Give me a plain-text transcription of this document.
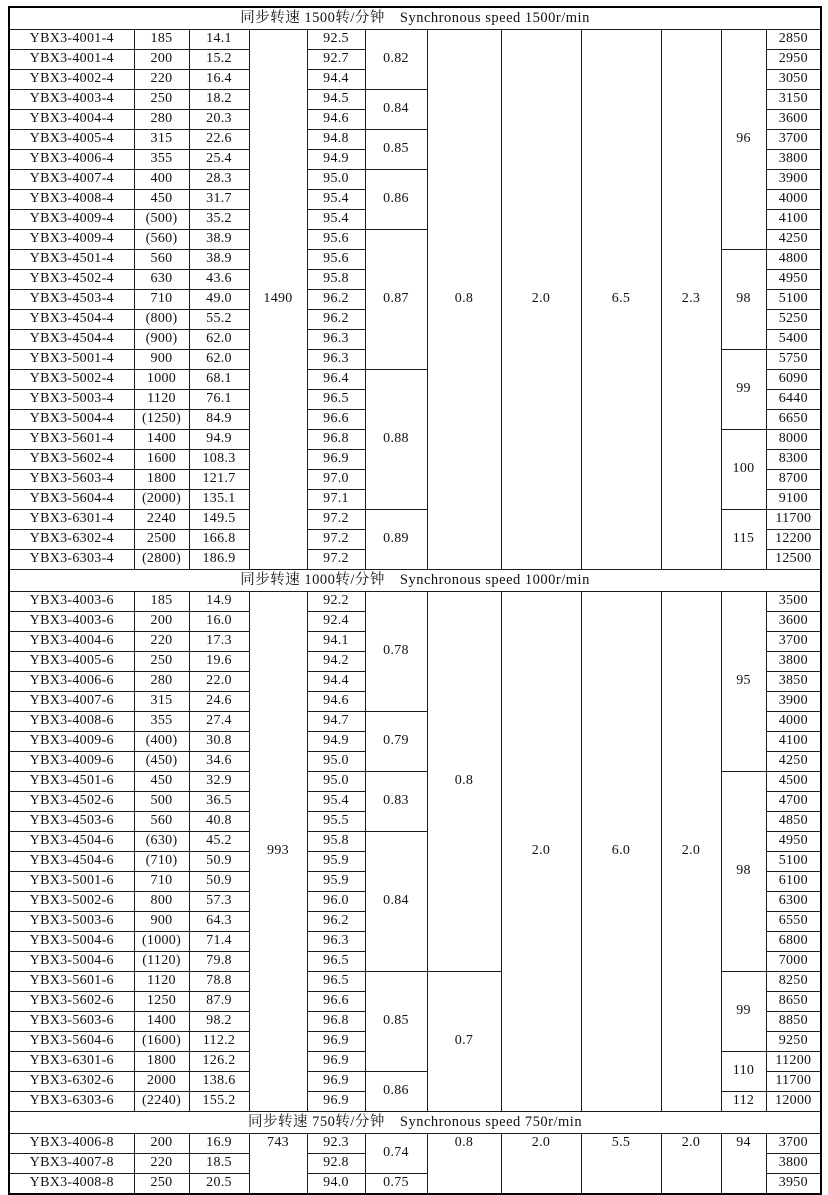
同步转速 1500转/分钟　Synchronous speed 1500r/min											
YBX3-4001-4	185	14.1	1490	92.5	0.82	0.8	2.0	6.5	2.3	96	2850
YBX3-4001-4	200	15.2		92.7							2950
YBX3-4002-4	220	16.4		94.4							3050
YBX3-4003-4	250	18.2		94.5	0.84						3150
YBX3-4004-4	280	20.3		94.6							3600
YBX3-4005-4	315	22.6		94.8	0.85						3700
YBX3-4006-4	355	25.4		94.9							3800
YBX3-4007-4	400	28.3		95.0	0.86						3900
YBX3-4008-4	450	31.7		95.4							4000
YBX3-4009-4	(500)	35.2		95.4							4100
YBX3-4009-4	(560)	38.9		95.6	0.87						4250
YBX3-4501-4	560	38.9		95.6						98	4800
YBX3-4502-4	630	43.6		95.8							4950
YBX3-4503-4	710	49.0		96.2							5100
YBX3-4504-4	(800)	55.2		96.2							5250
YBX3-4504-4	(900)	62.0		96.3							5400
YBX3-5001-4	900	62.0		96.3						99	5750
YBX3-5002-4	1000	68.1		96.4	0.88						6090
YBX3-5003-4	1120	76.1		96.5							6440
YBX3-5004-4	(1250)	84.9		96.6							6650
YBX3-5601-4	1400	94.9		96.8						100	8000
YBX3-5602-4	1600	108.3		96.9							8300
YBX3-5603-4	1800	121.7		97.0							8700
YBX3-5604-4	(2000)	135.1		97.1							9100
YBX3-6301-4	2240	149.5		97.2	0.89					115	11700
YBX3-6302-4	2500	166.8		97.2							12200
YBX3-6303-4	(2800)	186.9		97.2							12500
同步转速 1000转/分钟　Synchronous speed 1000r/min											
YBX3-4003-6	185	14.9	993	92.2	0.78	0.8	2.0	6.0	2.0	95	3500
YBX3-4003-6	200	16.0		92.4							3600
YBX3-4004-6	220	17.3		94.1							3700
YBX3-4005-6	250	19.6		94.2							3800
YBX3-4006-6	280	22.0		94.4							3850
YBX3-4007-6	315	24.6		94.6							3900
YBX3-4008-6	355	27.4		94.7	0.79						4000
YBX3-4009-6	(400)	30.8		94.9							4100
YBX3-4009-6	(450)	34.6		95.0							4250
YBX3-4501-6	450	32.9		95.0	0.83					98	4500
YBX3-4502-6	500	36.5		95.4							4700
YBX3-4503-6	560	40.8		95.5							4850
YBX3-4504-6	(630)	45.2		95.8	0.84						4950
YBX3-4504-6	(710)	50.9		95.9							5100
YBX3-5001-6	710	50.9		95.9							6100
YBX3-5002-6	800	57.3		96.0							6300
YBX3-5003-6	900	64.3		96.2							6550
YBX3-5004-6	(1000)	71.4		96.3							6800
YBX3-5004-6	(1120)	79.8		96.5							7000
YBX3-5601-6	1120	78.8		96.5	0.85	0.7				99	8250
YBX3-5602-6	1250	87.9		96.6							8650
YBX3-5603-6	1400	98.2		96.8							8850
YBX3-5604-6	(1600)	112.2		96.9							9250
YBX3-6301-6	1800	126.2		96.9						110	11200
YBX3-6302-6	2000	138.6		96.9	0.86						11700
YBX3-6303-6	(2240)	155.2		96.9						112	12000
同步转速 750转/分钟　Synchronous speed 750r/min											
YBX3-4006-8	200	16.9	743	92.3	0.74	0.8	2.0	5.5	2.0	94	3700
YBX3-4007-8	220	18.5		92.8							3800
YBX3-4008-8	250	20.5		94.0	0.75						3950
